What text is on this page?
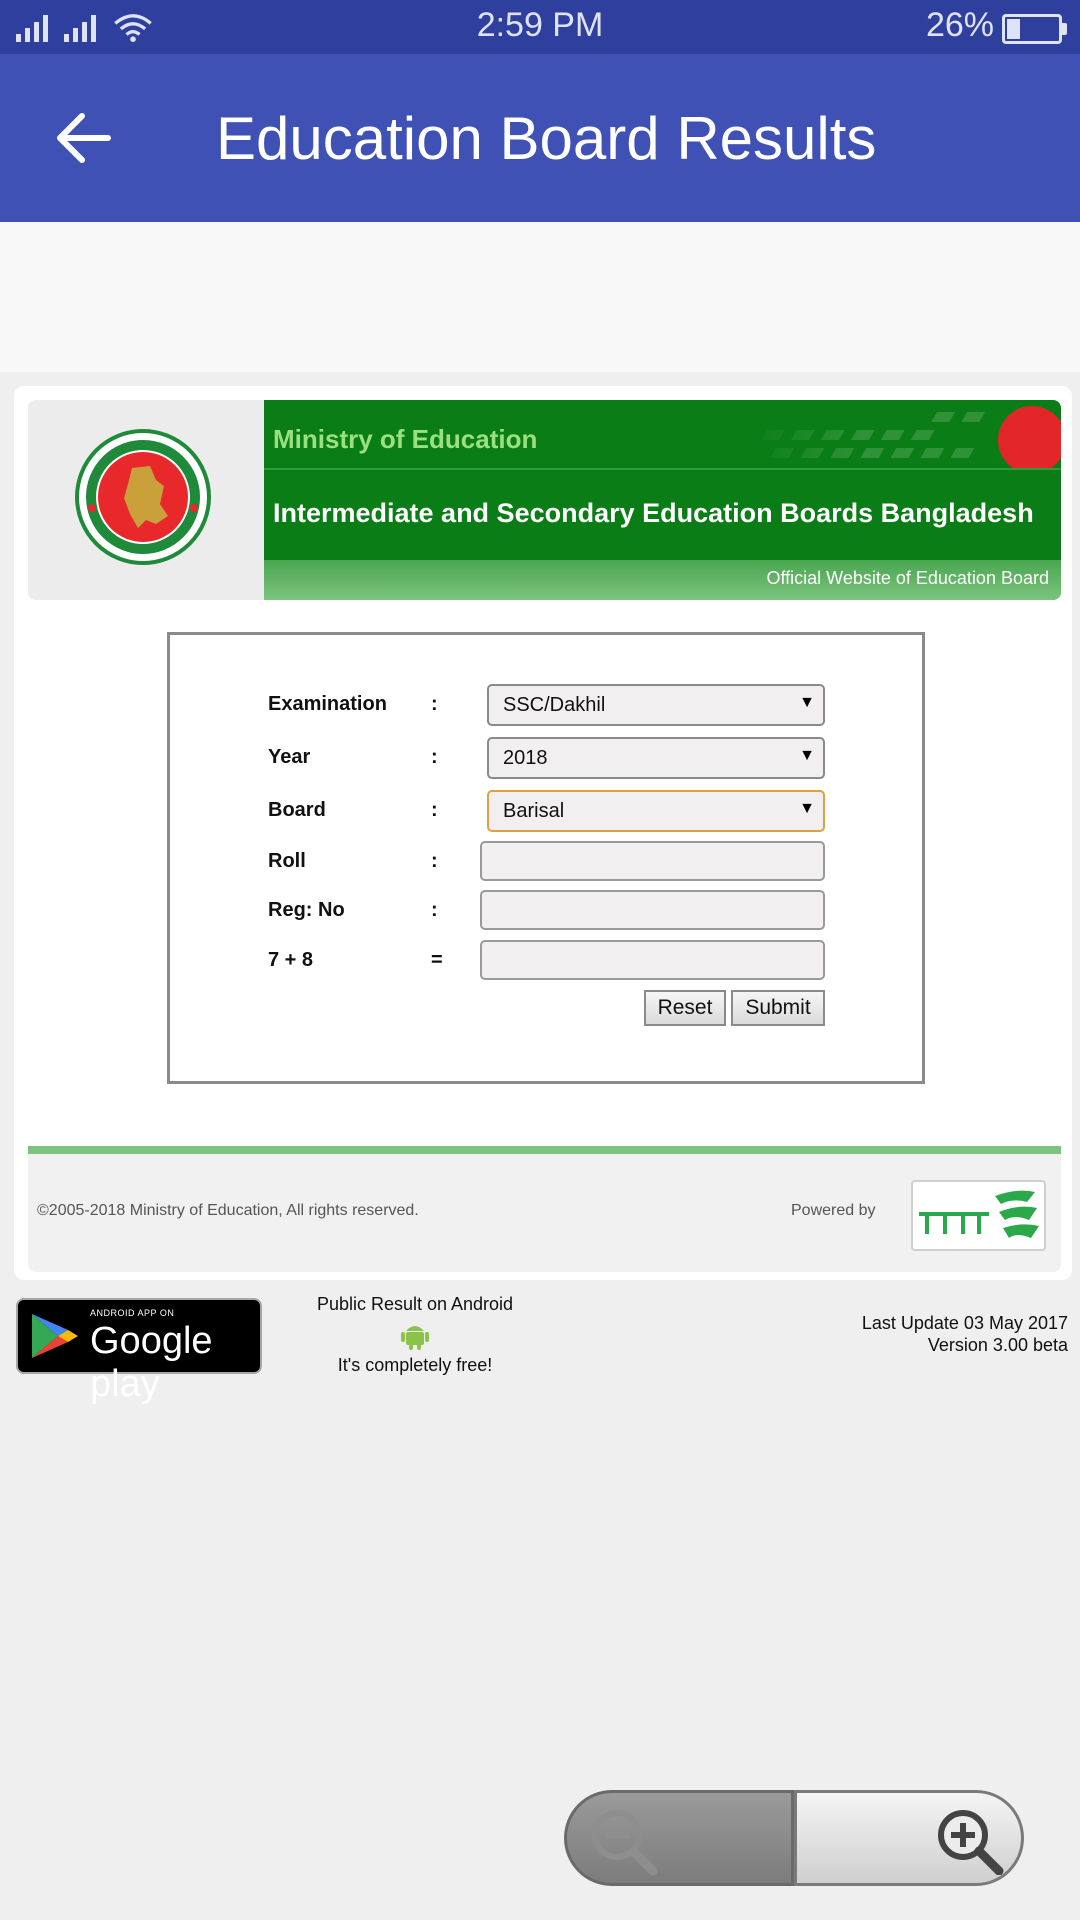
2:59 PM	26%
Education Board Results
Ministry of Education
Intermediate and Secondary Education Boards Bangladesh
Official Website of Education Board
Examination :	SSC/Dakhil	▼
Year	:	2018	▼
Board	:	Barisal	▼
Roll	:
Reg: No	:
7 + 8	=
Reset	Submit
©2005-2018 Ministry of Education, All rights reserved.	Powered by
ANDROID APP ON
Google play
Public Result on Android
It's completely free!
Last Update 03 May 2017
Version 3.00 beta
